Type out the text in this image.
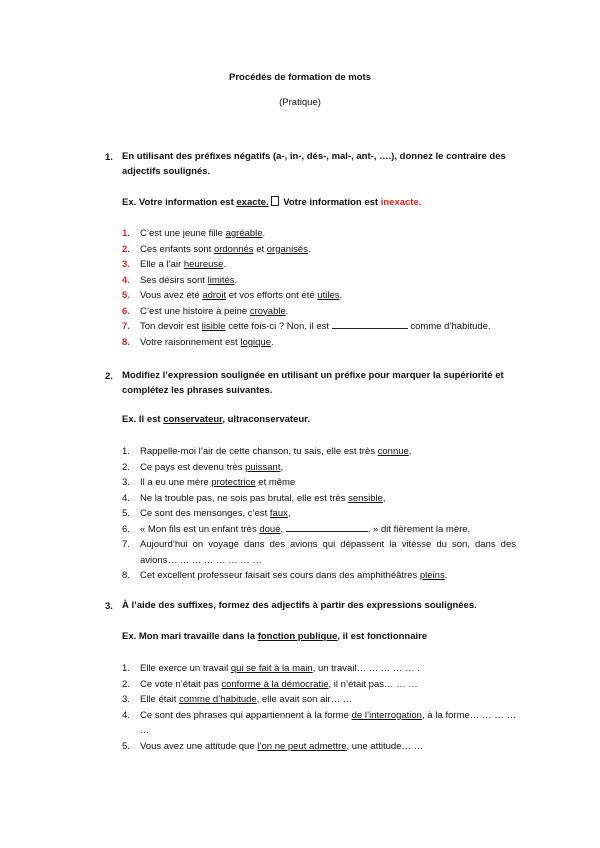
Procédés de formation de mots
(Pratique)
1. En utilisant des préfixes négatifs (a-, in-, dés-, mal-, ant-, ….), donnez le contraire des adjectifs soulignés.
Ex. Votre information est exacte. Votre information est inexacte.
1. C’est une jeune fille agréable.
2. Ces enfants sont ordonnés et organisés.
3. Elle a l’air heureuse.
4. Ses désirs sont limités.
5. Vous avez été adroit et vos efforts ont été utiles.
6. C’est une histoire à peine croyable.
7. Ton devoir est lisible cette fois-ci ? Non, il est	comme d’habitude.
8. Votre raisonnement est logique.
2. Modifiez l’expression soulignée en utilisant un préfixe pour marquer la supériorité et complétez les phrases suivantes.
Ex. Il est conservateur, ultraconservateur.
1. Rappelle-moi l’air de cette chanson, tu sais, elle est très connue,
2. Ce pays est devenu très puissant,
3. Il a eu une mère protectrice et même
4. Ne la trouble pas, ne sois pas brutal, elle est très sensible,
5. Ce sont des mensonges, c’est faux,
6. « Mon fils est un enfant très doué,	. » dit fièrement la mère.
7. Aujourd’hui on voyage dans des avions qui dépassent la vitesse du son, dans des avions… … … … … … … …
8. Cet excellent professeur faisait ses cours dans des amphithéâtres pleins.
3. À l’aide des suffixes, formez des adjectifs à partir des expressions soulignées.
Ex. Mon mari travaille dans la fonction publique, il est fonctionnaire
1. Elle exerce un travail qui se fait à la main, un travail… … … … … .
2. Ce vote n’était pas conforme à la démocratie, il n’était pas… … …
3. Elle était comme d’habitude, elle avait son air… …
4. Ce sont des phrases qui appartiennent à la forme de l’interrogation, à la forme… … … … …
5. Vous avez une attitude que l’on ne peut admettre, une attitude… …
